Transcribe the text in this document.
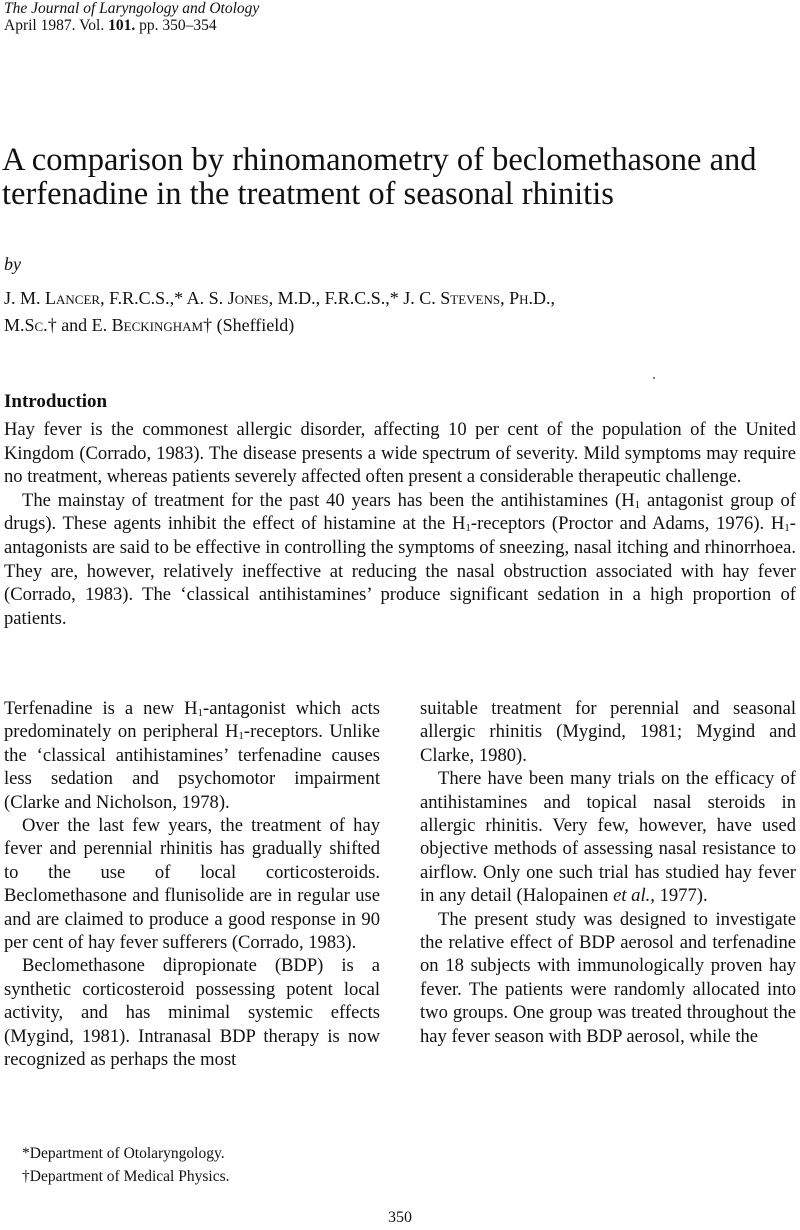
The Journal of Laryngology and Otology
April 1987. Vol. 101. pp. 350–354
A comparison by rhinomanometry of beclomethasone and terfenadine in the treatment of seasonal rhinitis
by

J. M. Lancer, F.R.C.S.,* A. S. Jones, M.D., F.R.C.S.,* J. C. Stevens, Ph.D.,
M.Sc.† and E. Beckingham† (Sheffield)

Introduction

Hay fever is the commonest allergic disorder, affecting 10 per cent of the population of the United Kingdom (Corrado, 1983). The disease presents a wide spectrum of severity. Mild symptoms may require no treatment, whereas patients severely affected often present a considerable therapeutic challenge.

The mainstay of treatment for the past 40 years has been the antihistamines ($H_1$ antagonist group of drugs). These agents inhibit the effect of histamine at the $H_1$-receptors (Proctor and Adams, 1976). $H_1$-antagonists are said to be effective in controlling the symptoms of sneezing, nasal itching and rhinorrhoea. They are, however, relatively ineffective at reducing the nasal obstruction associated with hay fever (Corrado, 1983). The ‘classical antihistamines’ produce significant sedation in a high proportion of patients.

Terfenadine is a new $H_1$-antagonist which acts predominately on peripheral $H_1$-receptors. Unlike the ‘classical antihistamines’ terfenadine causes less sedation and psychomotor impairment (Clarke and Nicholson, 1978).

Over the last few years, the treatment of hay fever and perennial rhinitis has gradually shifted to the use of local corticosteroids. Beclomethasone and flunisolide are in regular use and are claimed to produce a good response in 90 per cent of hay fever sufferers (Corrado, 1983).

Beclomethasone dipropionate (BDP) is a synthetic corticosteroid possessing potent local activity, and has minimal systemic effects (Mygind, 1981). Intranasal BDP therapy is now recognized as perhaps the most

suitable treatment for perennial and seasonal allergic rhinitis (Mygind, 1981; Mygind and Clarke, 1980).

There have been many trials on the efficacy of antihistamines and topical nasal steroids in allergic rhinitis. Very few, however, have used objective methods of assessing nasal resistance to airflow. Only one such trial has studied hay fever in any detail (Halopainen et al., 1977).

The present study was designed to investigate the relative effect of BDP aerosol and terfenadine on 18 subjects with immunologically proven hay fever. The patients were randomly allocated into two groups. One group was treated throughout the hay fever season with BDP aerosol, while the

*Department of Otolaryngology.
†Department of Medical Physics.
350
